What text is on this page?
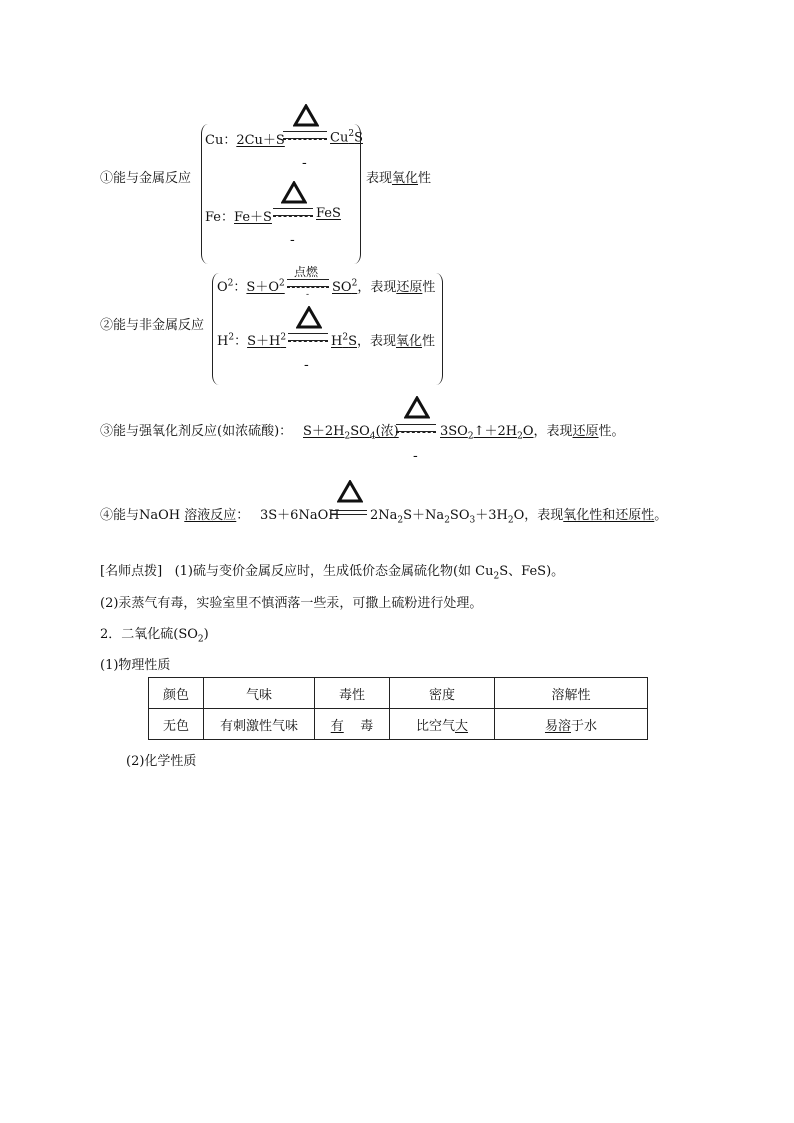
①能与金属反应
Cu：2Cu＋S
-
Cu$^2$S
Fe：Fe＋S
-
FeS
表现氧化性
②能与非金属反应
$O^2$：$S+O^2$
点燃
- $SO^2$，表现还原性
$H^2$：$S+H^2$
-
$H^2S$，表现氧化性
③能与强氧化剂反应(如浓硫酸)： $S+2H_2SO_4$(浓)
-
$3SO_2↑+2H_2O$，表现还原性。
④能与NaOH 溶液反应： 3S＋6NaOH $2Na_2S+Na_2SO_3+3H_2O$，表现氧化性和还原性。
[名师点拨] (1)硫与变价金属反应时，生成低价态金属硫化物(如 $Cu_2S$、FeS)。
(2)汞蒸气有毒，实验室里不慎洒落一些汞，可撒上硫粉进行处理。
2．二氧化硫$(SO_2)$
(1)物理性质
颜色	气味	毒性	密度	溶解性
无色	有刺激性气味	有 毒	比空气大	易溶于水
(2)化学性质
